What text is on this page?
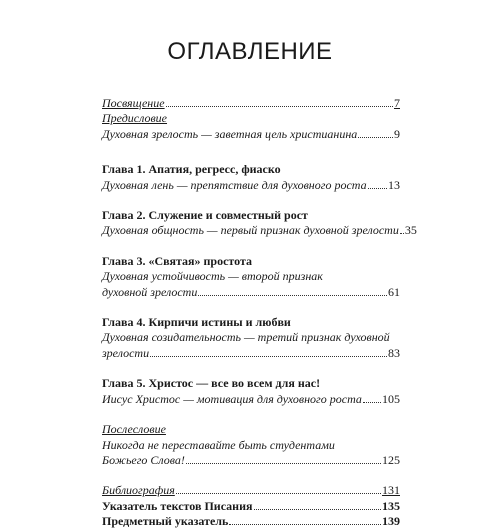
ОГЛАВЛЕНИЕ
Посвящение	7
Предисловие
Духовная зрелость — заветная цель христианина	9
Глава 1. Апатия, регресс, фиаско
Духовная лень — препятствие для духовного роста 13
Глава 2. Служение и совместный рост
Духовная общность — первый признак духовной зрелости 35
Глава 3. «Святая» простота
Духовная устойчивость — второй признак
духовной зрелости	61
Глава 4. Кирпичи истины и любви
Духовная созидательность — третий признак духовной
зрелости	83
Глава 5. Христос — все во всем для нас!
Иисус Христос — мотивация для духовного роста 105
Послесловие
Никогда не переставайте быть студентами
Божьего Слова!	125
Библиография	131
Указатель текстов Писания	135
Предметный указатель	139
